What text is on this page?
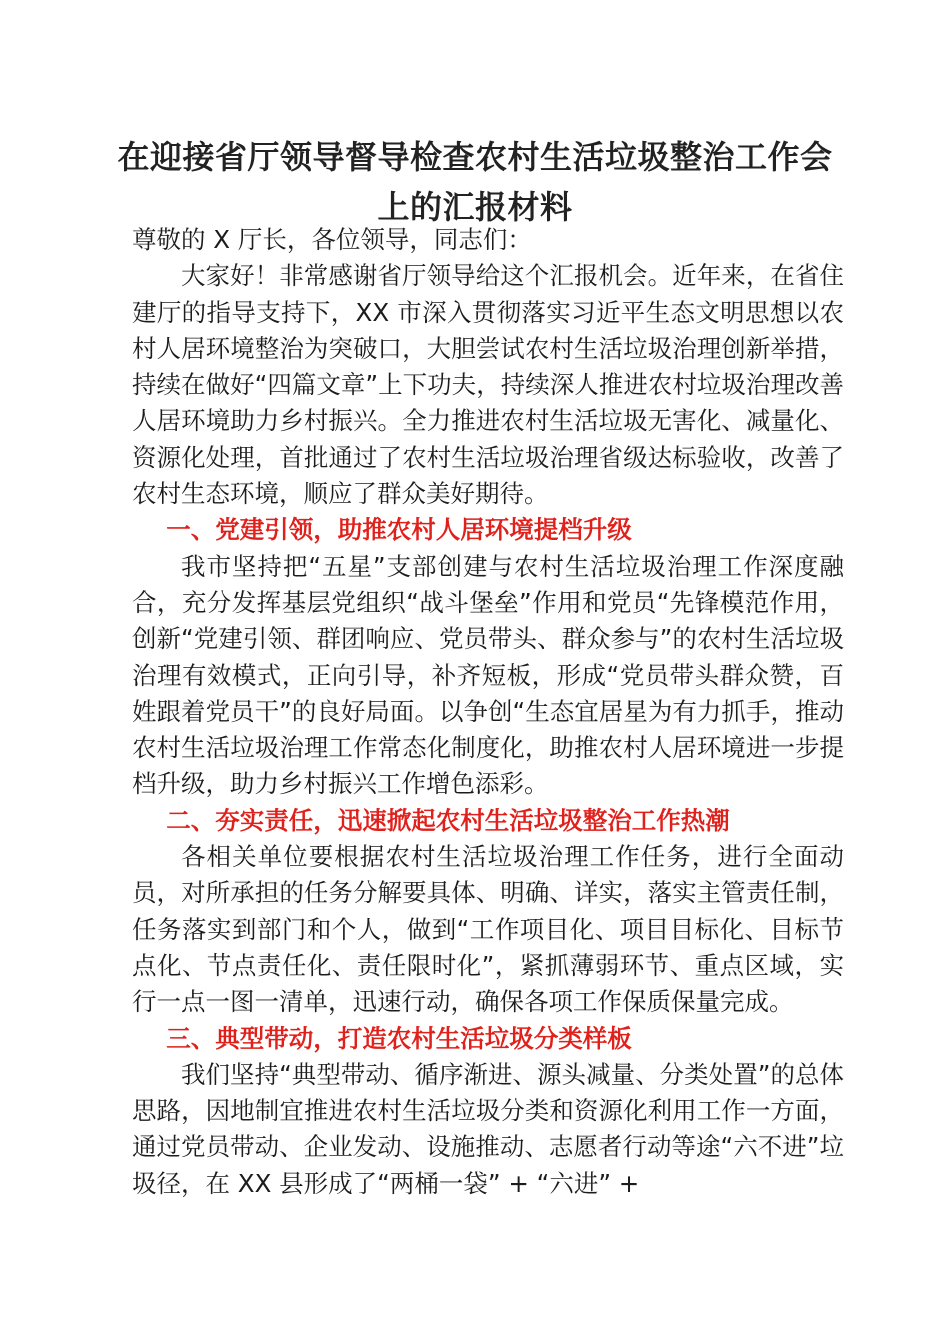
在迎接省厅领导督导检查农村生活垃圾整治工作会上的汇报材料

尊敬的 X 厅长，各位领导，同志们：

大家好！非常感谢省厅领导给这个汇报机会。近年来，在省住建厅的指导支持下，XX 市深入贯彻落实习近平生态文明思想以农村人居环境整治为突破口，大胆尝试农村生活垃圾治理创新举措，持续在做好“四篇文章”上下功夫，持续深人推进农村垃圾治理改善人居环境助力乡村振兴。全力推进农村生活垃圾无害化、减量化、资源化处理，首批通过了农村生活垃圾治理省级达标验收，改善了农村生态环境，顺应了群众美好期待。

一、党建引领，助推农村人居环境提档升级

我市坚持把“五星”支部创建与农村生活垃圾治理工作深度融合，充分发挥基层党组织“战斗堡垒”作用和党员“先锋模范作用，创新“党建引领、群团响应、党员带头、群众参与”的农村生活垃圾治理有效模式，正向引导，补齐短板，形成“党员带头群众赞，百姓跟着党员干”的良好局面。以争创“生态宜居星为有力抓手，推动农村生活垃圾治理工作常态化制度化，助推农村人居环境进一步提档升级，助力乡村振兴工作增色添彩。

二、夯实责任，迅速掀起农村生活垃圾整治工作热潮

各相关单位要根据农村生活垃圾治理工作任务，进行全面动员，对所承担的任务分解要具体、明确、详实，落实主管责任制，任务落实到部门和个人，做到“工作项目化、项目目标化、目标节点化、节点责任化、责任限时化”，紧抓薄弱环节、重点区域，实行一点一图一清单，迅速行动，确保各项工作保质保量完成。

三、典型带动，打造农村生活垃圾分类样板

我们坚持“典型带动、循序渐进、源头减量、分类处置”的总体思路，因地制宜推进农村生活垃圾分类和资源化利用工作一方面，通过党员带动、企业发动、设施推动、志愿者行动等途“六不进”垃圾径，在 XX 县形成了“两桶一袋” + “六进” +
